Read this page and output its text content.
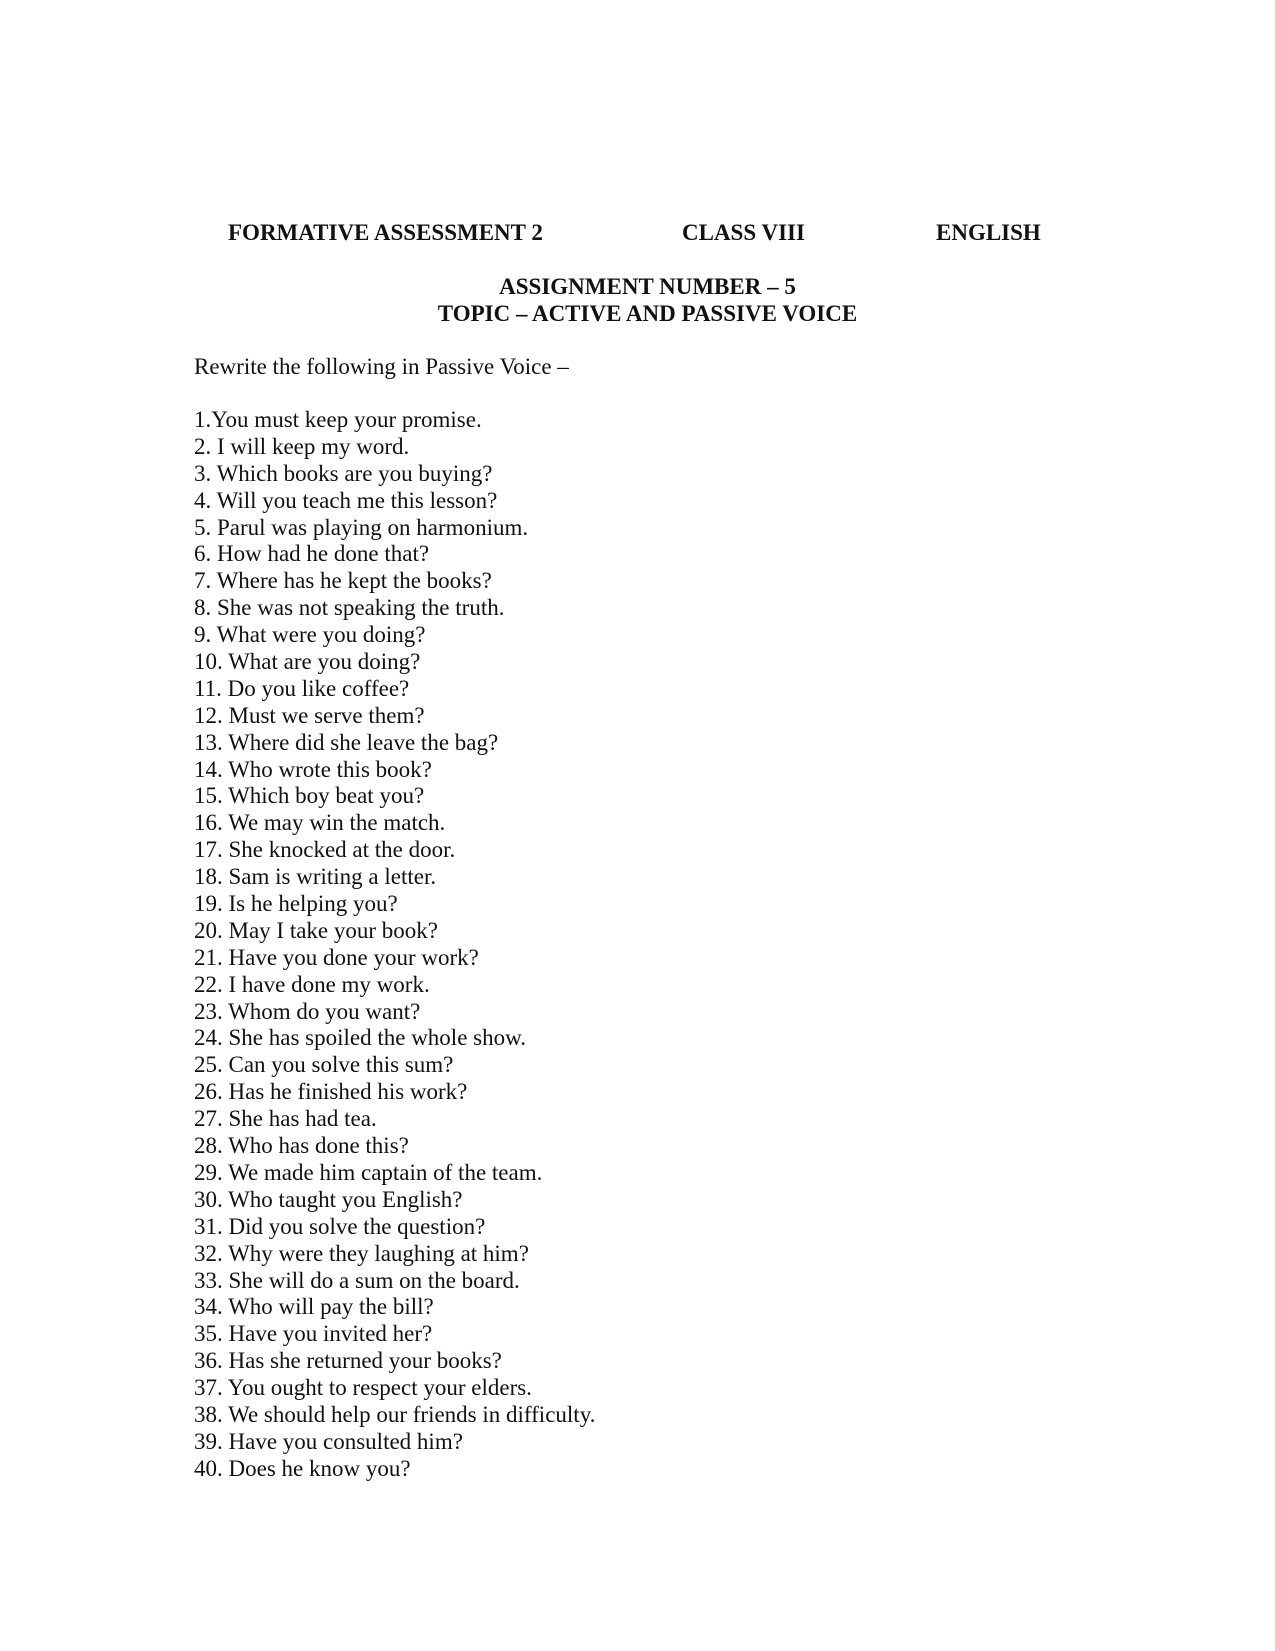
FORMATIVE ASSESSMENT 2	CLASS VIII	ENGLISH
ASSIGNMENT NUMBER – 5
TOPIC – ACTIVE AND PASSIVE VOICE
Rewrite the following in Passive Voice –
1.You must keep your promise.
2. I will keep my word.
3. Which books are you buying?
4. Will you teach me this lesson?
5. Parul was playing on harmonium.
6. How had he done that?
7. Where has he kept the books?
8. She was not speaking the truth.
9. What were you doing?
10. What are you doing?
11. Do you like coffee?
12. Must we serve them?
13. Where did she leave the bag?
14. Who wrote this book?
15. Which boy beat you?
16. We may win the match.
17. She knocked at the door.
18. Sam is writing a letter.
19. Is he helping you?
20. May I take your book?
21. Have you done your work?
22. I have done my work.
23. Whom do you want?
24. She has spoiled the whole show.
25. Can you solve this sum?
26. Has he finished his work?
27. She has had tea.
28. Who has done this?
29. We made him captain of the team.
30. Who taught you English?
31. Did you solve the question?
32. Why were they laughing at him?
33. She will do a sum on the board.
34. Who will pay the bill?
35. Have you invited her?
36. Has she returned your books?
37. You ought to respect your elders.
38. We should help our friends in difficulty.
39. Have you consulted him?
40. Does he know you?
